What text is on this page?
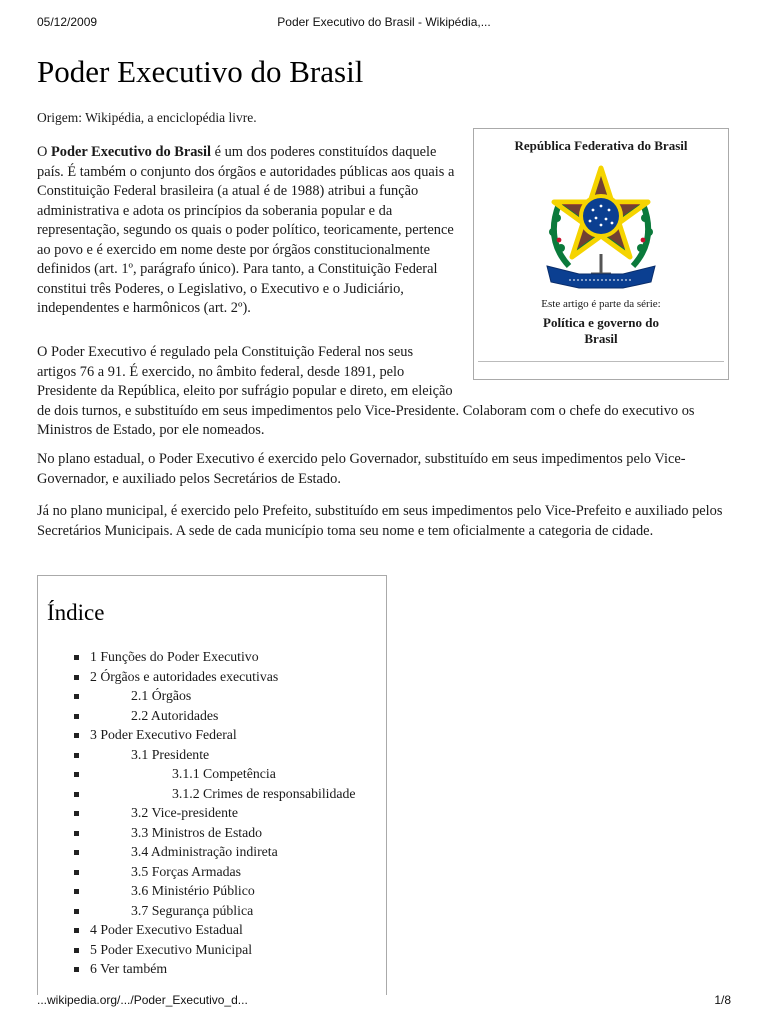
05/12/2009	Poder Executivo do Brasil - Wikipédia,...
Poder Executivo do Brasil
Origem: Wikipédia, a enciclopédia livre.
O Poder Executivo do Brasil é um dos poderes constituídos daquele país. É também o conjunto dos órgãos e autoridades públicas aos quais a Constituição Federal brasileira (a atual é de 1988) atribui a função administrativa e adota os princípios da soberania popular e da representação, segundo os quais o poder político, teoricamente, pertence ao povo e é exercido em nome deste por órgãos constitucionalmente definidos (art. 1º, parágrafo único). Para tanto, a Constituição Federal constitui três Poderes, o Legislativo, o Executivo e o Judiciário, independentes e harmônicos (art. 2º).
O Poder Executivo é regulado pela Constituição Federal nos seus artigos 76 a 91. É exercido, no âmbito federal, desde 1891, pelo Presidente da República, eleito por sufrágio popular e direto, em eleição de dois turnos, e substituído em seus impedimentos pelo Vice-Presidente. Colaboram com o chefe do executivo os Ministros de Estado, por ele nomeados.
No plano estadual, o Poder Executivo é exercido pelo Governador, substituído em seus impedimentos pelo Vice-Governador, e auxiliado pelos Secretários de Estado.
Já no plano municipal, é exercido pelo Prefeito, substituído em seus impedimentos pelo Vice-Prefeito e auxiliado pelos Secretários Municipais. A sede de cada município toma seu nome e tem oficialmente a categoria de cidade.
República Federativa do Brasil
Este artigo é parte da série:
Política e governo do
Brasil
Índice
1 Funções do Poder Executivo
2 Órgãos e autoridades executivas
2.1 Órgãos
2.2 Autoridades
3 Poder Executivo Federal
3.1 Presidente
3.1.1 Competência
3.1.2 Crimes de responsabilidade
3.2 Vice-presidente
3.3 Ministros de Estado
3.4 Administração indireta
3.5 Forças Armadas
3.6 Ministério Público
3.7 Segurança pública
4 Poder Executivo Estadual
5 Poder Executivo Municipal
6 Ver também
...wikipedia.org/.../Poder_Executivo_d...	1/8
